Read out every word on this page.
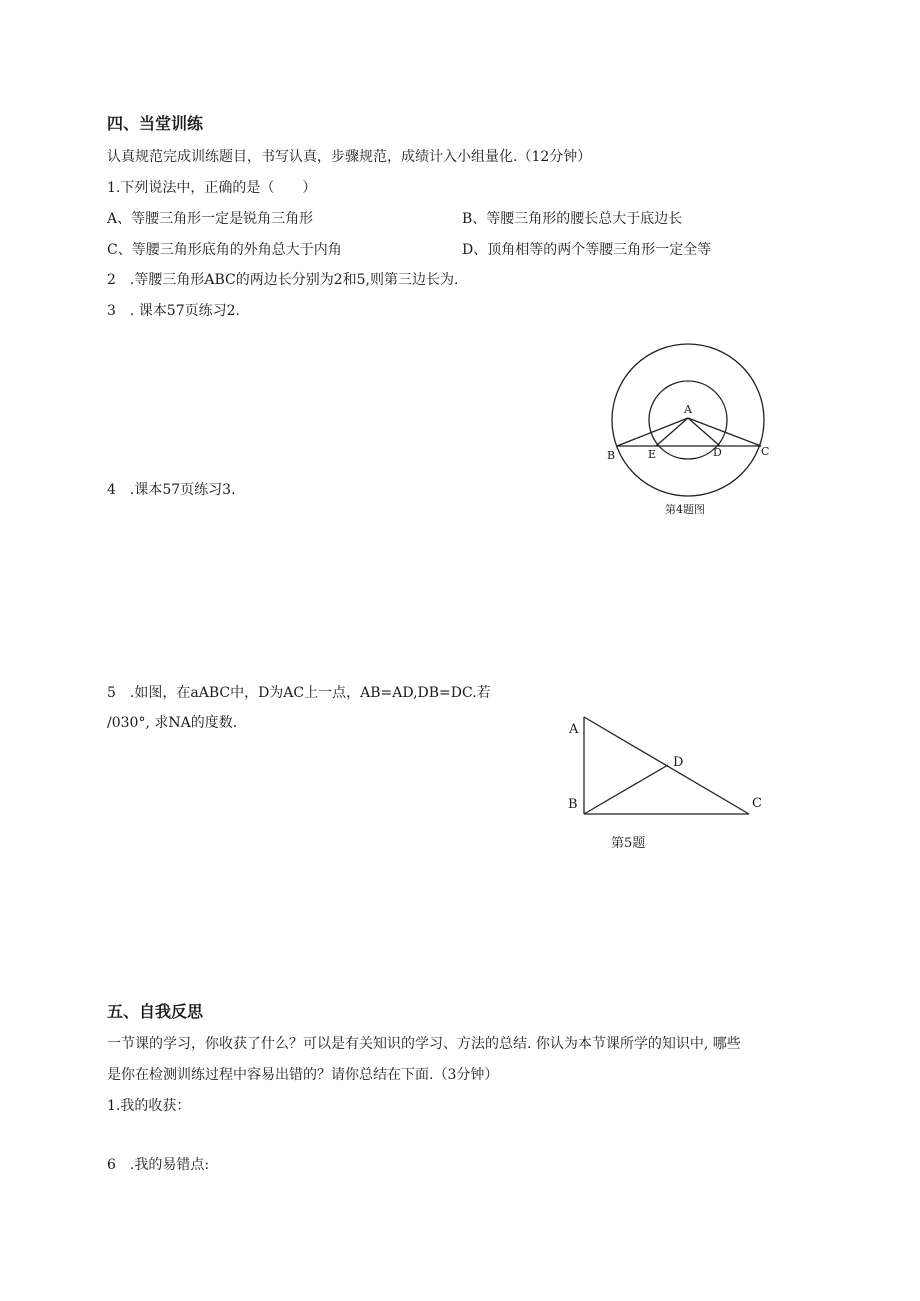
四、当堂训练
认真规范完成训练题目，书写认真，步骤规范，成绩计入小组量化.（12分钟）
1.下列说法中，正确的是（　　）
A、等腰三角形一定是锐角三角形	B、等腰三角形的腰长总大于底边长
C、等腰三角形底角的外角总大于内角	D、顶角相等的两个等腰三角形一定全等
2　.等腰三角形ABC的两边长分别为2和5,则第三边长为.
3　. 课本57页练习2.
4　.课本57页练习3.
A
B	E	D	C
第4题图
5　.如图，在aABC中，D为AC上一点，AB=AD,DB=DC.若
/030°, 求NA的度数.	A
D
B	C
第5题
五、自我反思
一节课的学习，你收获了什么？可以是有关知识的学习、方法的总结. 你认为本节课所学的知识中, 哪些
是你在检测训练过程中容易出错的？请你总结在下面.（3分钟）
1.我的收获：
6　.我的易错点:
